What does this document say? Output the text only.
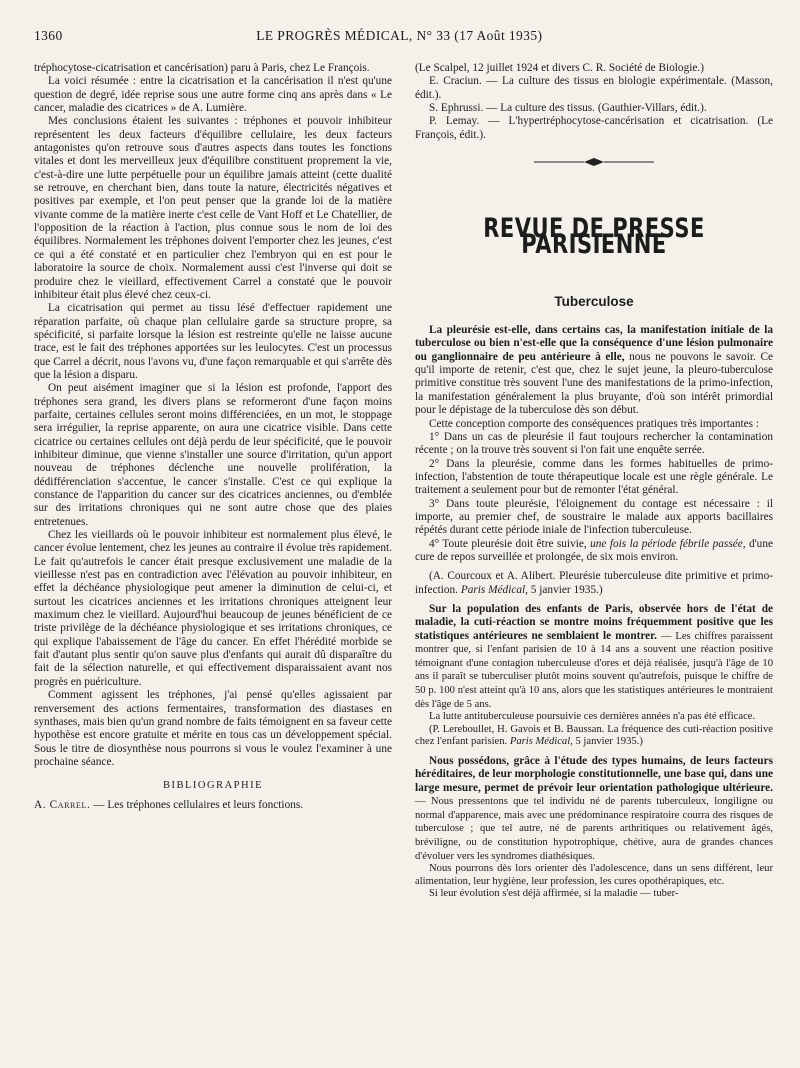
1360	LE PROGRÈS MÉDICAL, N° 33 (17 Août 1935)

tréphocytose-cicatrisation et cancérisation) paru à Paris, chez Le François.

La voici résumée : entre la cicatrisation et la cancérisation il n'est qu'une question de degré, idée reprise sous une autre forme cinq ans après dans « Le cancer, maladie des cicatrices » de A. Lumière.

Mes conclusions étaient les suivantes : tréphones et pouvoir inhibiteur représentent les deux facteurs d'équilibre cellulaire, les deux facteurs antagonistes qu'on retrouve sous d'autres aspects dans toutes les fonctions vitales et dont les merveilleux jeux d'équilibre constituent proprement la vie, c'est-à-dire une lutte perpétuelle pour un équilibre jamais atteint (cette dualité se retrouve, en cherchant bien, dans toute la nature, électricités négatives et positives par exemple, et l'on peut penser que la grande loi de la matière vivante comme de la matière inerte c'est celle de Vant Hoff et Le Chatellier, de l'opposition de la réaction à l'action, plus connue sous le nom de loi des équilibres. Normalement les tréphones doivent l'emporter chez les jeunes, c'est ce qui a été constaté et en particulier chez l'embryon qui en est pour le laboratoire la source de choix. Normalement aussi c'est l'inverse qui doit se produire chez le vieillard, effectivement Carrel a constaté que le pouvoir inhibiteur était plus élevé chez ceux-ci.

La cicatrisation qui permet au tissu lésé d'effectuer rapidement une réparation parfaite, où chaque plan cellulaire garde sa structure propre, sa spécificité, si parfaite lorsque la lésion est restreinte qu'elle ne laisse aucune trace, est le fait des tréphones apportées sur les leulocytes. C'est un processus que Carrel a décrit, nous l'avons vu, d'une façon remarquable et qui s'arrête dès que la lésion a disparu.

On peut aisément imaginer que si la lésion est profonde, l'apport des tréphones sera grand, les divers plans se reformeront d'une façon moins parfaite, certaines cellules seront moins différenciées, en un mot, le stoppage sera irrégulier, la reprise apparente, on aura une cicatrice visible. Dans cette cicatrice ou certaines cellules ont déjà perdu de leur spécificité, que le pouvoir inhibiteur diminue, que vienne s'installer une source d'irritation, qu'un apport nouveau de tréphones déclenche une nouvelle prolifération, la dédifférenciation s'accentue, le cancer s'installe. C'est ce qui explique la constance de l'apparition du cancer sur des cicatrices anciennes, ou d'emblée sur des irritations chroniques qui ne sont autre chose que des plaies entretenues.

Chez les vieillards où le pouvoir inhibiteur est normalement plus élevé, le cancer évolue lentement, chez les jeunes au contraire il évolue très rapidement. Le fait qu'autrefois le cancer était presque exclusivement une maladie de la vieillesse n'est pas en contradiction avec l'élévation au pouvoir inhibiteur, en effet la déchéance physiologique peut amener la diminution de celui-ci, et surtout les cicatrices anciennes et les irritations chroniques atteignent leur maximum chez le vieillard. Aujourd'hui beaucoup de jeunes bénéficient de ce triste privilège de la déchéance physiologique et ses irritations chroniques, ce qui explique l'abaissement de l'âge du cancer. En effet l'hérédité morbide se fait d'autant plus sentir qu'on sauve plus d'enfants qui aurait dû disparaître du fait de la sélection naturelle, et qui effectivement disparaissaient avant nos progrès en puériculture.

Comment agissent les tréphones, j'ai pensé qu'elles agissaient par renversement des actions fermentaires, transformation des diastases en synthases, mais bien qu'un grand nombre de faits témoignent en sa faveur cette hypothèse est encore gratuite et mérite en tous cas un développement spécial. Sous le titre de diosynthèse nous pourrons si vous le voulez l'examiner à une prochaine séance.

BIBLIOGRAPHIE

A. Carrel. — Les tréphones cellulaires et leurs fonctions.

(Le Scalpel, 12 juillet 1924 et divers C. R. Société de Biologie.)

E. Craciun. — La culture des tissus en biologie expérimentale. (Masson, édit.).

S. Ephrussi. — La culture des tissus. (Gauthier-Villars, édit.).

P. Lemay. — L'hypertréphocytose-cancérisation et cicatrisation. (Le François, édit.).

REVUE DE PRESSE PARISIENNE
Tuberculose

La pleurésie est-elle, dans certains cas, la manifestation initiale de la tuberculose ou bien n'est-elle que la conséquence d'une lésion pulmonaire ou ganglionnaire de peu antérieure à elle, nous ne pouvons le savoir. Ce qu'il importe de retenir, c'est que, chez le sujet jeune, la pleuro-tuberculose primitive constitue très souvent l'une des manifestations de la primo-infection, la manifestation généralement la plus bruyante, d'où son intérêt primordial pour le dépistage de la tuberculose dès son début.

Cette conception comporte des conséquences pratiques très importantes :

1° Dans un cas de pleurésie il faut toujours rechercher la contamination récente ; on la trouve très souvent si l'on fait une enquête serrée.

2° Dans la pleurésie, comme dans les formes habituelles de primo-infection, l'abstention de toute thérapeutique locale est une règle générale. Le traitement a seulement pour but de remonter l'état général.

3° Dans toute pleurésie, l'éloignement du contage est nécessaire : il importe, au premier chef, de soustraire le malade aux apports bacillaires répétés durant cette période iniale de l'infection tuberculeuse.

4° Toute pleurésie doit être suivie, une fois la période fébrile passée, d'une cure de repos surveillée et prolongée, de six mois environ.

(A. Courcoux et A. Alibert. Pleurésie tuberculeuse dite primitive et primo-infection. Paris Médical, 5 janvier 1935.)

Sur la population des enfants de Paris, observée hors de l'état de maladie, la cuti-réaction se montre moins fréquemment positive que les statistiques antérieures ne semblaient le montrer. — Les chiffres paraissent montrer que, si l'enfant parisien de 10 à 14 ans a souvent une réaction positive témoignant d'une contagion tuberculeuse d'ores et déjà réalisée, jusqu'à l'âge de 10 ans il paraît se tuberculiser plutôt moins souvent qu'autrefois, puisque le chiffre de 50 p. 100 n'est atteint qu'à 10 ans, alors que les statistiques antérieures le montraient dès l'âge de 5 ans.

La lutte antituberculeuse poursuivie ces dernières années n'a pas été efficace.

(P. Lereboullet, H. Gavois et B. Baussan. La fréquence des cuti-réaction positive chez l'enfant parisien. Paris Médical, 5 janvier 1935.)

Nous possédons, grâce à l'étude des types humains, de leurs facteurs héréditaires, de leur morphologie constitutionnelle, une base qui, dans une large mesure, permet de prévoir leur orientation pathologique ultérieure. — Nous pressentons que tel individu né de parents tuberculeux, longiligne ou normal d'apparence, mais avec une prédominance respiratoire courra des risques de tuberculose ; que tel autre, né de parents arthritiques ou relativement âgés, bréviligne, ou de constitution hypotrophique, chétive, aura de grandes chances d'évoluer vers les syndromes diathésiques.

Nous pourrons dès lors orienter dès l'adolescence, dans un sens différent, leur alimentation, leur hygiène, leur profession, les cures opothérapiques, etc.

Si leur évolution s'est déjà affirmée, si la maladie — tuber-
